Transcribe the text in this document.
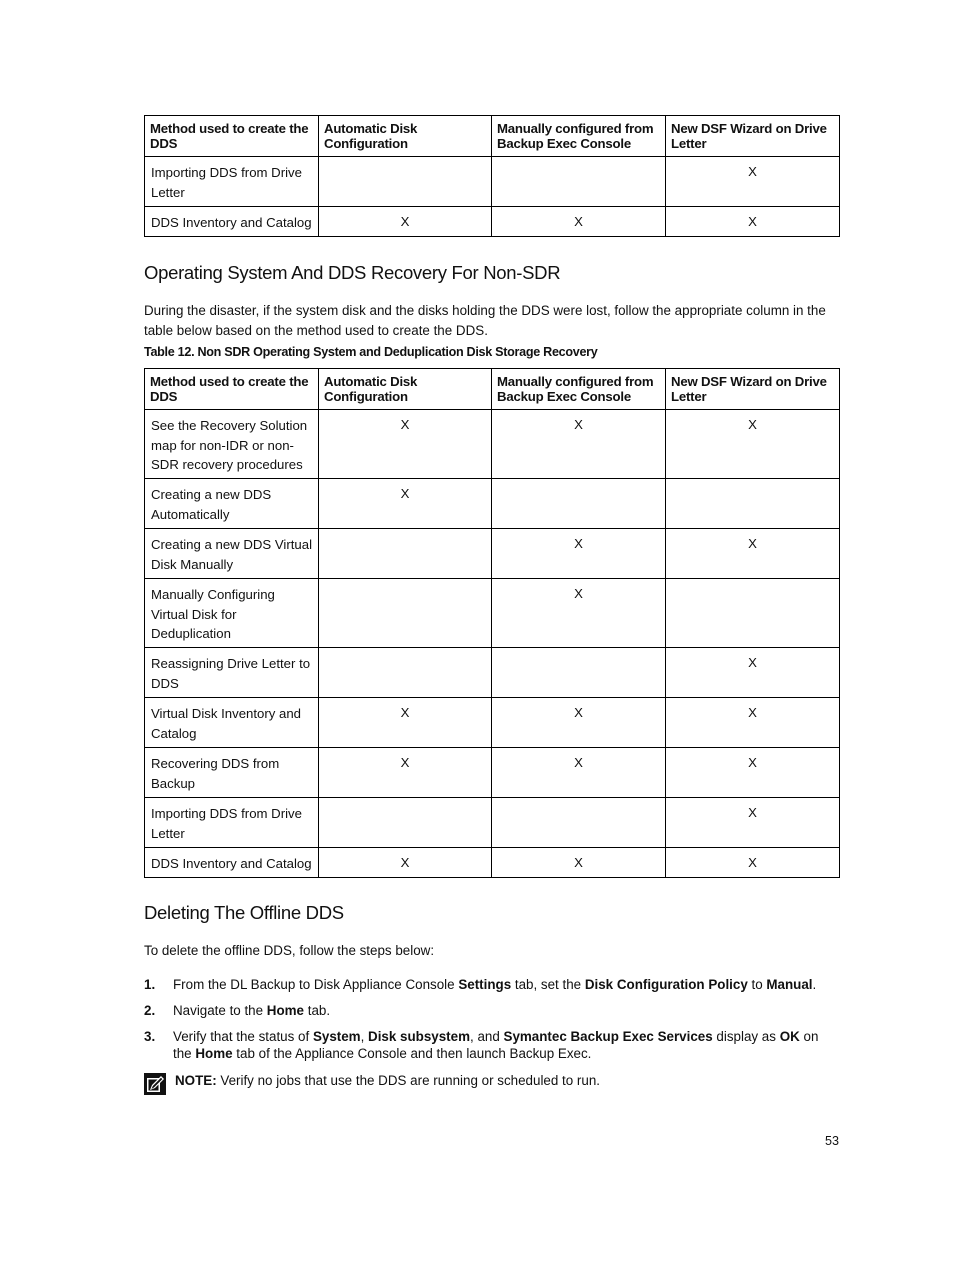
Method used to create the DDS	Automatic Disk Configuration	Manually configured from Backup Exec Console	New DSF Wizard on Drive Letter
Importing DDS from Drive Letter			X
DDS Inventory and Catalog	X	X	X
Operating System And DDS Recovery For Non-SDR

During the disaster, if the system disk and the disks holding the DDS were lost, follow the appropriate column in the table below based on the method used to create the DDS.

Table 12. Non SDR Operating System and Deduplication Disk Storage Recovery

Method used to create the DDS	Automatic Disk Configuration	Manually configured from Backup Exec Console	New DSF Wizard on Drive Letter
See the Recovery Solution map for non-IDR or non-SDR recovery procedures	X	X	X
Creating a new DDS Automatically	X		
Creating a new DDS Virtual Disk Manually		X	X
Manually Configuring Virtual Disk for Deduplication		X	
Reassigning Drive Letter to DDS			X
Virtual Disk Inventory and Catalog	X	X	X
Recovering DDS from Backup	X	X	X
Importing DDS from Drive Letter			X
DDS Inventory and Catalog	X	X	X
Deleting The Offline DDS

To delete the offline DDS, follow the steps below:

1. From the DL Backup to Disk Appliance Console Settings tab, set the Disk Configuration Policy to Manual.
2. Navigate to the Home tab.
3. Verify that the status of System, Disk subsystem, and Symantec Backup Exec Services display as OK on the Home tab of the Appliance Console and then launch Backup Exec.
NOTE: Verify no jobs that use the DDS are running or scheduled to run.
53
